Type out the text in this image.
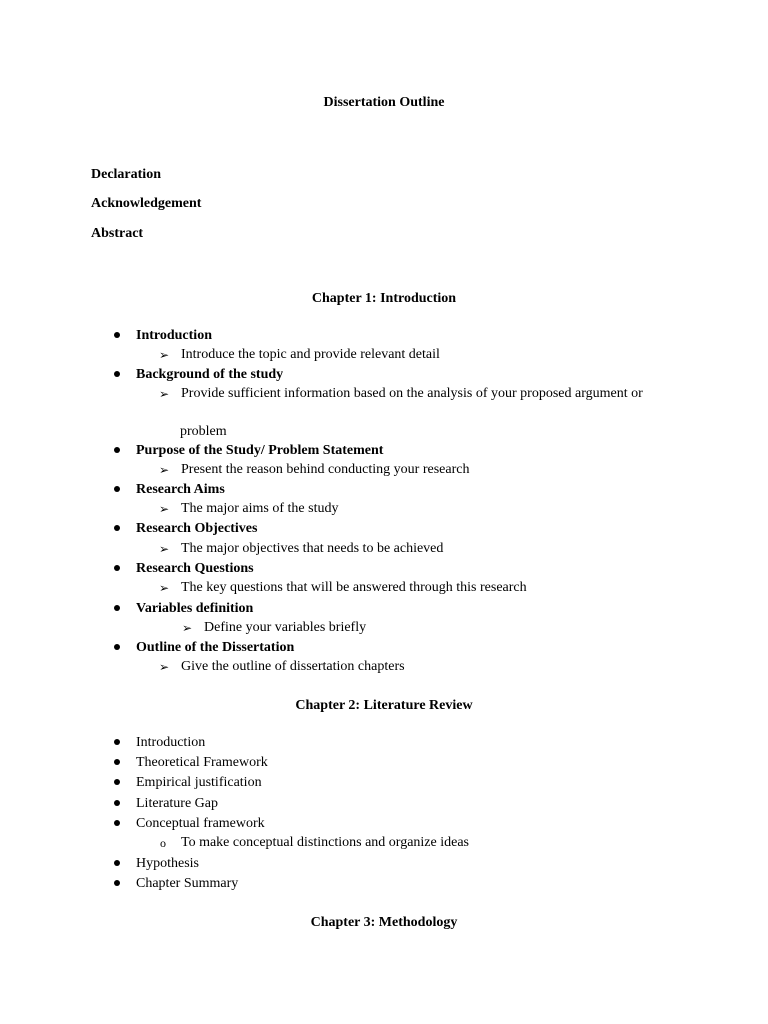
Dissertation Outline
Declaration
Acknowledgement
Abstract
Chapter 1: Introduction
Introduction
➢ Introduce the topic and provide relevant detail
Background of the study
➢ Provide sufficient information based on the analysis of your proposed argument or
problem
Purpose of the Study/ Problem Statement
➢ Present the reason behind conducting your research
Research Aims
➢ The major aims of the study
Research Objectives
➢ The major objectives that needs to be achieved
Research Questions
➢ The key questions that will be answered through this research
Variables definition
➢ Define your variables briefly
Outline of the Dissertation
➢ Give the outline of dissertation chapters
Chapter 2: Literature Review
Introduction
Theoretical Framework
Empirical justification
Literature Gap
Conceptual framework
o To make conceptual distinctions and organize ideas
Hypothesis
Chapter Summary
Chapter 3: Methodology
